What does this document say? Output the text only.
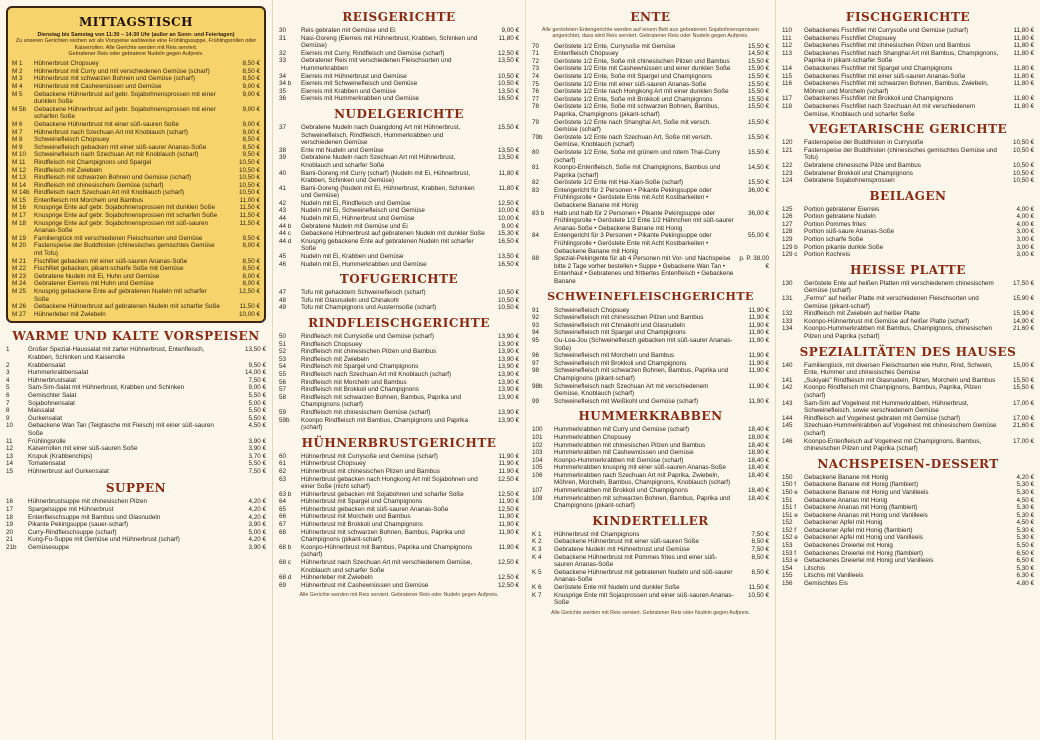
MITTAGSTISCH
Dienstag bis Samstag von 11:30 – 14:30 Uhr (außer an Sonn- und Feiertagen)
Zu unseren Gerichten reichen wir als Vorspeise wahlweise eine Frühlingssuppe, Frühlingsrollen oder Kaiserrollen. Alle Gerichte werden mit Reis serviert.
Gebratener Reis oder gebratene Nudeln gegen Aufpreis.
M 1	Hühnerbrust Chopsuey	8,50 €
M 2	Hühnerbrust mit Curry und mit verschiedenen Gemüse (scharf)	8,50 €
M 3	Hühnerbrust mit schwarzen Bohnen und Gemüse (scharf)	8,50 €
M 4	Hühnerbrust mit Cashewnüssen und Gemüse	9,00 €
M 5	Gebackene Hühnerbrust auf gebr. Sojabohnensprossen mit einer dunklen Soße
9,00 €
M 5b	Gebackene Hühnerbrust auf gebr. Sojabohnensprossen mit einer scharfen Soße
9,00 €
M 6	Gebackene Hühnerbrust mit einer süß-sauren Soße	9,00 €
M 7	Hühnerbrust nach Szechuan Art mit Knoblauch (scharf)	9,00 €
M 8	Schweinefleisch Chopsuey	8,50 €
M 9	Schweinefleisch gebacken mit einer süß-saurer Ananas-Soße	8,50 €
M 10	Schweinefleisch nach Szechuan Art mit Knoblauch (scharf)	9,50 €
M 11	Rindfleisch mit Champignons und Spargel	10,50 €
M 12	Rindfleisch mit Zwiebeln	10,50 €
M 13	Rindfleisch mit schwarzen Bohnen und Gemüse (scharf)	10,50 €
M 14	Rindfleisch mit chinesischem Gemüse (scharf)	10,50 €
M 14b Rindfleisch nach Szechuan Art mit Knoblauch (scharf)	10,50 €
M 15	Entenfleisch mit Morcheln und Bambus	11,00 €
M 16	Knusprige Ente auf gebr. Sojabohnensprossen mit dunklen Soße	11,50 €
M 17	Knusprige Ente auf gebr. Sojabohnensprossen mit scharfen Soße	11,50 €
M 18	Knusprige Ente auf gebr. Sojabohnensprossen mit süß-sauren Ananas-Soße
11,50 €
M 19	Familienglück mit verschiedenen Fleischsorten und Gemüse	9,50 €
M 20	Fastenspeise der Buddhisten (chinesisches gemischtes Gemüse mit Tofu)
8,00 €
M 21	Fischfilet gebacken mit einer süß-sauren Ananas-Soße	8,50 €
M 22	Fischfilet gebacken, pikant-scharfe Soße mit Gemüse	8,50 €
M 23	Gebratene Nudeln mit Ei, Huhn und Gemüse	8,00 €
M 24	Gebratener Eierreis mit Huhn und Gemüse	8,00 €
M 25	Knusprig gebackene Ente auf gebratenen Nudeln mit scharfer Soße
12,50 €
M 26	Gebackene Hühnerbrust auf gebratenen Nudeln mit scharfer Soße	11,50 €
M 27	Hühnerleber mit Zwiebeln	10,00 €
WARME UND KALTE VORSPEISEN
1	Großer Spezial-Haussalat mit zarter Hühnerbrust, Entenfleisch, Krabben, Schinken und Kaiserrolle
13,50 €
2	Krabbensalat	9,50 €
3	Hummerkrabbensalat	14,00 €
4	Hühnerbrustsalat	7,50 €
5	Sam-Sim-Salat mit Hühnerbrust, Krabben und Schinken	9,00 €
6	Gemischter Salat	5,50 €
7	Sojabohnensalat	5,00 €
8	Maissalat	5,50 €
9	Gurkensalat	5,50 €
10	Gebackene Wan Tan (Teigtasche mit Fleisch) mit einer süß-sauren Soße
4,50 €
11	Frühlingsrolle	3,90 €
12	Kaiserrollen mit einer süß-sauren Soße	3,90 €
13	Krupuk (Krabbenchips)	3,70 €
14	Tomatensalat	5,50 €
15	Hühnerbrust auf Gurkensalat	7,50 €
SUPPEN
16	Hühnerbrustsuppe mit chinesischen Pilzen	4,20 €
17	Spargelsuppe mit Hühnerbrust	4,20 €
18	Entenfleischsuppe mit Bambus und Glasnudeln	4,20 €
19	Pikante Pekingsuppe (sauer-scharf)	3,90 €
20	Curry-Rindfleischsuppe (scharf)	5,00 €
21	Kung-Fu-Suppe mit Gemüse und Hühnerbrust (scharf)	4,20 €
21b	Gemüsesuppe	3,90 €
REISGERICHTE
30	Reis gebraten mit Gemüse und Ei	9,00 €
31	Nasi-Goreng (Eierreis mit Hühnerbrust, Krabben, Schinken und Gemüse)
11,80 €
32	Eierreis mit Curry, Rindfleisch und Gemüse (scharf)	12,50 €
33	Gebratener Reis mit verschiedenen Fleischsorten und Hummerkrabben
13,50 €
34	Eierreis mit Hühnerbrust und Gemüse	10,50 €
34 b	Eierreis mit Schweinefleisch und Gemüse	10,50 €
35	Eierreis mit Krabben und Gemüse	13,50 €
36	Eierreis mit Hummerkrabben und Gemüse	16,50 €
NUDELGERICHTE
37	Gebratene Nudeln nach Guangdong Art mit Hühnerbrust, Schweinefleisch, Rindfleisch, Hummerkrabben und verschiedenen Gemüse
15,50 €
38	Ente mit Nudeln und Gemüse	13,50 €
39	Gebratene Nudeln nach Szechuan Art mit Hühnerbrust, Knoblauch und scharfer Soße
13,50 €
40	Bami-Goreng mit Curry (scharf) (Nudeln mit Ei, Hühnerbrust, Krabben, Schinken und Gemüse)
11,80 €
41	Bami-Goreng (Nudeln mit Ei, Hühnerbrust, Krabben, Schinken und Gemüse)
11,80 €
42	Nudeln mit Ei, Rindfleisch und Gemüse	12,50 €
43	Nudeln mit Ei, Schweinefleisch und Gemüse	10,00 €
44	Nudeln mit Ei, Hühnerbrust und Gemüse	10,00 €
44 b	Gebratene Nudeln mit Gemüse und Ei	9,00 €
44 c	Gebackene Hühnerbrust auf gebratenen Nudeln mit dunkler Soße	15,30 €
44 d	Knusprig gebackene Ente auf gebratenen Nudeln mit scharfer Soße
16,50 €
45	Nudeln mit Ei, Krabben und Gemüse	13,50 €
46	Nudeln mit Ei, Hummerkrabben und Gemüse	16,50 €
TOFUGERICHTE
47	Tofu mit gehacktem Schweinefleisch (scharf)	10,50 €
48	Tofu mit Glasnudeln und Chinakohl	10,50 €
49	Tofu mit Champignons und Austernsoße (scharf)	10,50 €
RINDFLEISCHGERICHTE
50	Rindfleisch mit Currysoße und Gemüse (scharf)	13,90 €
51	Rindfleisch Chopsuey	13,90 €
52	Rindfleisch mit chinesischen Pilzen und Bambus	13,90 €
53	Rindfleisch mit Zwiebeln	13,90 €
54	Rindfleisch mit Spargel und Champignons	13,90 €
55	Rindfleisch nach Szechuan Art mit Knoblauch (scharf)	13,90 €
56	Rindfleisch mit Morcheln und Bambus	13,90 €
57	Rindfleisch mit Brokkoli und Champignons	13,90 €
58	Rindfleisch mit schwarzen Bohnen, Bambus, Paprika und Champignons (scharf)
13,90 €
59	Rindfleisch mit chinesischem Gemüse (scharf)	13,90 €
59b	Koonpo Rindfleisch mit Bambus, Champignons und Paprika (scharf)
13,90 €
HÜHNERBRUSTGERICHTE
60	Hühnerbrust mit Currysoße und Gemüse (scharf)	11,90 €
61	Hühnerbrust Chopsuey	11,90 €
62	Hühnerbrust mit chinesischen Pilzen und Bambus	11,90 €
63	Hühnerbrust gebacken nach Hongkong Art mit Sojabohnen und einer Soße (nicht scharf)
12,50 €
63 b	Hühnerbrust gebacken mit Sojabohnen und scharfer Soße	12,50 €
64	Hühnerbrust mit Spargel und Champignons	11,90 €
65	Hühnerbrust gebacken mit süß-sauren Ananas-Soße	12,50 €
66	Hühnerbrust mit Morcheln und Bambus	11,90 €
67	Hühnerbrust mit Brokkoli und Champignons	11,90 €
68	Hühnerbrust mit schwarzen Bohnen, Bambus, Paprika und Champignons (pikant-scharf)
11,90 €
68 b	Koonpo-Hühnerbrust mit Bambus, Paprika und Champignons (scharf)
11,90 €
68 c	Hühnerbrust nach Szechuan Art mit verschiedenem Gemüse, Knoblauch und scharfer Soße
12,50 €
68 d	Hühnerleber mit Zwiebeln	12,50 €
69	Hühnerbrust mit Cashewnüssen und Gemüse	12,50 €
Alle Gerichte werden mit Reis serviert. Gebratener Reis oder Nudeln gegen Aufpreis.
ENTE
Alle gerösteten Entengerichte werden auf einem Bett aus gebratenen Sojabohnensprossen angerichtet, dass wird Reis serviert. Gebratener Reis oder Nudeln gegen Aufpreis.
70	Geröstete 1/2 Ente, Currysoße mit Gemüse	15,50 €
71	Entenfleisch Chopsuey	14,50 €
72	Geröstete 1/2 Ente, Soße mit chinesischen Pilzen und Bambus	15,50 €
73	Geröstete 1/2 Ente mit Cashewnüssen und einer dunklen Soße	15,90 €
74	Geröstete 1/2 Ente, Soße mit Spargel und Champignons	15,50 €
75	Geröstete 1/2 Ente mit einer süß-sauren Ananas-Soße	15,50 €
76	Geröstete 1/2 Ente nach Hongkong Art mit einer dunklen Soße	15,50 €
77	Geröstete 1/2 Ente, Soße mit Brokkoli und Champignons	15,50 €
78	Geröstete 1/2 Ente, Soße mit schwarzen Bohnen, Bambus, Paprika, Champignons (pikant-scharf)
15,50 €
79	Geröstete 1/2 Ente nach Shanghai Art, Soße mit versch. Gemüse (scharf)
15,50 €
79b	Geröstete 1/2 Ente nach Szechuan Art, Soße mit versch. Gemüse, Knoblauch (scharf)
15,50 €
80	Geröstete 1/2 Ente, Soße mit grünem und rotem Thai-Curry (scharf)
15,50 €
81	Koonpo-Entenfleisch, Soße mit Champignons, Bambus und Paprika (scharf)
14,50 €
82	Geröstete 1/2 Ente mit Hai-Xian-Soße (scharf)	15,50 €
83	Entengericht für 2 Personen • Pikante Pekingsuppe oder Frühlingsrolle • Geröstete Ente mit Acht Kostbarkeiten • Gebackene Banane mit Honig
36,00 €
83 b	Halb und halb für 2 Personen • Pikante Pekingsuppe oder Frühlingsrolle • Geröstete 1/2 Ente 1/2 Hähnchen mit süß-saurer Ananas-Soße • Gebackene Banane mit Honig
36,00 €
84	Entengericht für 3 Personen • Pikante Pekingsuppe oder Frühlingsrolle • Geröstete Ente mit Acht Kostbarkeiten • Gebackene Banane mit Honig
55,00 €
88	Spezial-Pekingente für ab 4 Personen mit Vor- und Nachspeise bitte 2 Tage vorher bestellen • Suppe • Gebackene Wan Tan • Entenhaut • Gebratenes und frittiertes Entenfleisch • Gebackene Banane
p. P. 38,00 €
SCHWEINEFLEISCHGERICHTE
91	Schweinefleisch Chopsuey	11,90 €
92	Schweinefleisch mit chinesischen Pilzen und Bambus	11,90 €
93	Schweinefleisch mit Chinakohl und Glasnudeln	11,90 €
94	Schweinefleisch mit Spargel und Champignons	11,90 €
95	Gu-Loa-Jou (Schweinefleisch gebacken mit süß-saurer Ananas-Soße)
11,90 €
96	Schweinefleisch mit Morcheln und Bambus	11,90 €
97	Schweinefleisch mit Brokkoli und Champignons	11,90 €
98	Schweinefleisch mit schwarzen Bohnen, Bambus, Paprika und Champignons (pikant-scharf)
11,90 €
98b	Schweinefleisch nach Szechuan Art mit verschiedenem Gemüse, Knoblauch (scharf)
11,90 €
99	Schweinefleisch mit Weißkohl und Gemüse (scharf)	11,90 €
HUMMERKRABBEN
100	Hummerkrabben mit Curry und Gemüse (scharf)	18,40 €
101	Hummerkrabben Chopsuey	18,00 €
102	Hummerkrabben mit chinesischen Pilzen und Bambus	18,40 €
103	Hummerkrabben mit Cashewnüssen und Gemüse	18,90 €
104	Koonpo-Hummerkrabben mit Gemüse (scharf)	18,40 €
105	Hummerkrabben knusprig mit einer süß-sauren Ananas-Soße	18,40 €
106	Hummerkrabben nach Szechuan Art mit Paprika, Zwiebeln, Möhren, Morcheln, Bambus, Champignons, Knoblauch (scharf)
18,40 €
107	Hummerkrabben mit Brokkoli und Champignons	18,40 €
108	Hummerkrabben mit schwarzen Bohnen, Bambus, Paprika und Champignons (pikant-scharf)
18,40 €
KINDERTELLER
K 1	Hühnerbrust mit Champignons	7,50 €
K 2	Gebackene Hühnerbrust mit einer süß-sauren Soße	8,50 €
K 3	Gebratene Nudeln mit Hühnerbrust und Gemüse	7,50 €
K 4	Gebackene Hühnerbrust mit Pommes frites und einer süß-sauren Ananas-Soße
8,50 €
K 5	Gebackene Hühnerbrust mit gebratenen Nudeln und süß-saurer Ananas-Soße
8,50 €
K 6	Geröstete Ente mit Nudeln und dunkler Soße	11,50 €
K 7	Knusprige Ente mit Sojasprossen und einer süß-sauren Ananas-Soße
10,50 €
Alle Gerichte werden mit Reis serviert. Gebratener Reis oder Nudeln gegen Aufpreis.
FISCHGERICHTE
110	Gebackenes Fischfilet mit Currysoße und Gemüse (scharf)	11,80 €
111	Gebackenes Fischfilet Chopsuey	11,80 €
112	Gebackenes Fischfilet mit chinesischen Pilzen und Bambus	11,80 €
113	Gebackenes Fischfilet nach Shanghai Art mit Bambus, Champignons, Paprika in pikant-scharfer Soße
11,80 €
114	Gebackenes Fischfilet mit Spargel und Champignons	11,80 €
115	Gebackenes Fischfilet mit einer süß-sauren Ananas-Soße	11,80 €
116	Gebackenes Fischfilet mit schwarzen Bohnen, Bambus, Zwiebeln, Möhren und Morcheln (scharf)
11,80 €
117	Gebackenes Fischfilet mit Brokkoli und Champignons	11,80 €
118	Gebackenes Fischfilet nach Szechuan Art mit verschiedenem Gemüse, Knoblauch und scharfer Soße
11,80 €
VEGETARISCHE GERICHTE
120	Fastenspeise der Buddhisten in Currysoße	10,50 €
121	Fastenspeise der Buddhisten (chinesisches gemischtes Gemüse und Tofu)
10,50 €
122	Gebratene chinesische Pilze und Bambus	10,50 €
123	Gebratener Brokkoli und Champignons	10,50 €
124	Gebratene Sojabohnensprossen	10,50 €
BEILAGEN
125	Portion gebratener Eierreis	4,00 €
126	Portion gebratene Nudeln	4,00 €
127	Portion Pommes frites	4,00 €
128	Portion süß-saure Ananas-Soße	3,00 €
129	Portion scharfe Soße	3,00 €
129 b Portion pikante dunkle Soße	3,00 €
129 c	Portion Kochreis	3,00 €
HEISSE PLATTE
130	Geröstete Ente auf heißen Platten mit verschiedenem chinesischem Gemüse (scharf)
17,50 €
131	„Fermo" auf heißer Platte mit verschiedenen Fleischsorten und Gemüse (pikant-scharf)
15,90 €
132	Rindfleisch mit Zwiebeln auf heißer Platte	15,90 €
133	Koonpo-Hühnerbrust mit Gemüse auf heißer Platte (scharf)	14,90 €
134	Koonpo-Hummerkrabben mit Bambus, Champignons, chinesischen Pilzen und Paprika (scharf)
21,60 €
SPEZIALITÄTEN DES HAUSES
140	Familienglück, mit diversen Fleischsorten wie Huhn, Rind, Schwein, Ente, Hummer und chinesisches Gemüse
15,00 €
141	„Sukiyaki" Rindfleisch mit Glasnudeln, Pilzen, Morcheln und Bambus	15,50 €
142	Koonpo Rindfleisch mit Champignons, Bambus, Paprika, Pilzen (scharf)
15,50 €
143	Sam-Sim auf Vogelnest mit Hummerkrabben, Hühnerbrust, Schweinefleisch, sowie verschiedenem Gemüse
17,00 €
144	Rindfleisch auf Vogelnest gebraten mit Gemüse (scharf)	17,00 €
145	Szechuan-Hummerkrabben auf Vogelnest mit chinesischem Gemüse (scharf)
21,60 €
146	Koonpo-Entenfleisch auf Vogelnest mit Champignons, Bambus, chinesischen Pilzen und Paprika (scharf)
17,00 €
NACHSPEISEN-DESSERT
150	Gebackene Banane mit Honig	4,20 €
150 f	Gebackene Banane mit Honig (flambiert)	5,30 €
150 e Gebackene Banane mit Honig und Vanilleeis	5,30 €
151	Gebackene Ananas mit Honig	4,50 €
151 f	Gebackene Ananas mit Honig (flambiert)	5,30 €
151 e Gebackene Ananas mit Honig und Vanilleeis	5,30 €
152	Gebackener Apfel mit Honig	4,50 €
152 f	Gebackener Apfel mit Honig (flambiert)	5,30 €
152 e Gebackener Apfel mit Honig und Vanilleeis	5,30 €
153	Gebackenes Dreierlei mit Honig	5,50 €
153 f	Gebackenes Dreierlei mit Honig (flambiert)	6,50 €
153 e Gebackenes Dreierlei mit Honig und Vanilleeis	6,50 €
154	Litschis	5,30 €
155	Litschis mit Vanilleeis	6,30 €
156	Gemischtes Eis	4,80 €
